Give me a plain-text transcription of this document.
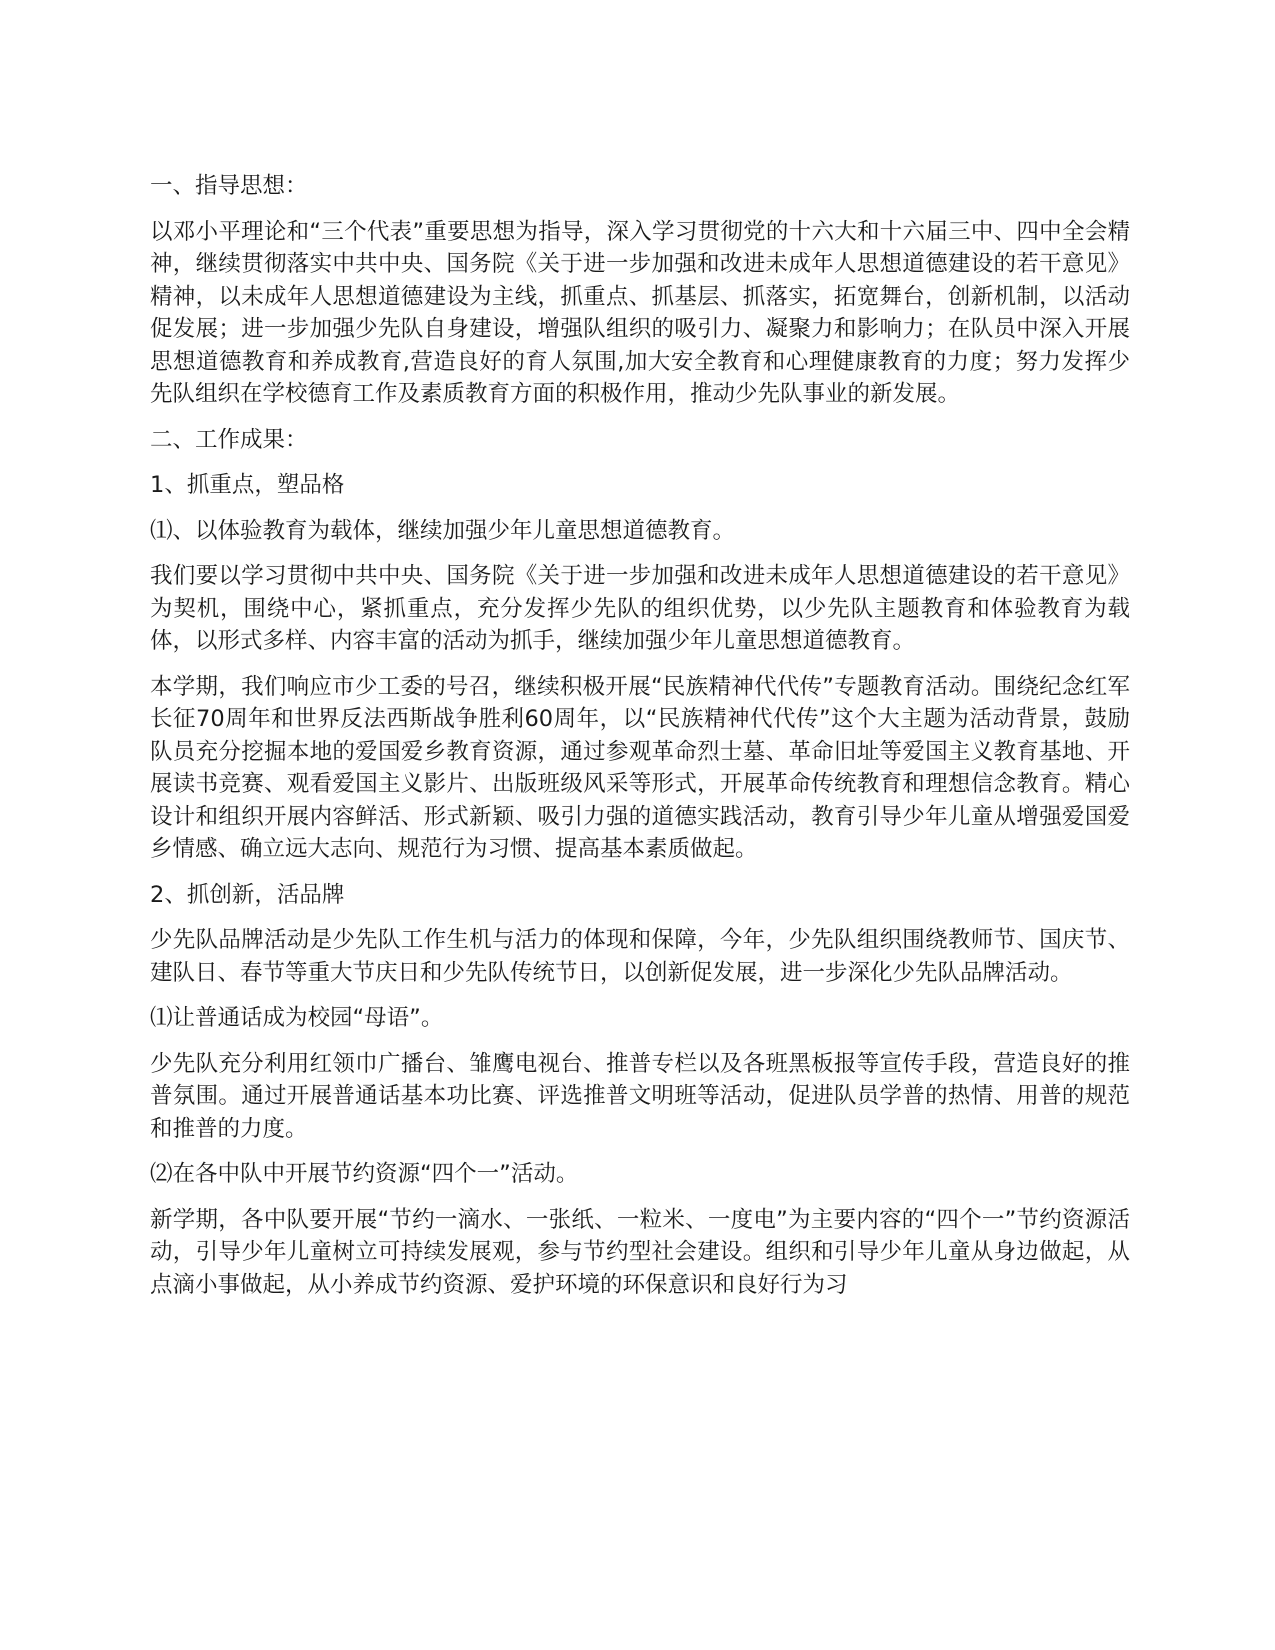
一、指导思想：

以邓小平理论和“三个代表”重要思想为指导，深入学习贯彻党的十六大和十六届三中、四中全会精神，继续贯彻落实中共中央、国务院《关于进一步加强和改进未成年人思想道德建设的若干意见》精神，以未成年人思想道德建设为主线，抓重点、抓基层、抓落实，拓宽舞台，创新机制，以活动促发展；进一步加强少先队自身建设，增强队组织的吸引力、凝聚力和影响力；在队员中深入开展思想道德教育和养成教育,营造良好的育人氛围,加大安全教育和心理健康教育的力度；努力发挥少先队组织在学校德育工作及素质教育方面的积极作用，推动少先队事业的新发展。

二、工作成果：

1、抓重点，塑品格

⑴、以体验教育为载体，继续加强少年儿童思想道德教育。

我们要以学习贯彻中共中央、国务院《关于进一步加强和改进未成年人思想道德建设的若干意见》为契机，围绕中心，紧抓重点，充分发挥少先队的组织优势，以少先队主题教育和体验教育为载体，以形式多样、内容丰富的活动为抓手，继续加强少年儿童思想道德教育。

本学期，我们响应市少工委的号召，继续积极开展“民族精神代代传”专题教育活动。围绕纪念红军长征70周年和世界反法西斯战争胜利60周年，以“民族精神代代传”这个大主题为活动背景，鼓励队员充分挖掘本地的爱国爱乡教育资源，通过参观革命烈士墓、革命旧址等爱国主义教育基地、开展读书竞赛、观看爱国主义影片、出版班级风采等形式，开展革命传统教育和理想信念教育。精心设计和组织开展内容鲜活、形式新颖、吸引力强的道德实践活动，教育引导少年儿童从增强爱国爱乡情感、确立远大志向、规范行为习惯、提高基本素质做起。

2、抓创新，活品牌

少先队品牌活动是少先队工作生机与活力的体现和保障，今年，少先队组织围绕教师节、国庆节、建队日、春节等重大节庆日和少先队传统节日，以创新促发展，进一步深化少先队品牌活动。

⑴让普通话成为校园“母语”。

少先队充分利用红领巾广播台、雏鹰电视台、推普专栏以及各班黑板报等宣传手段，营造良好的推普氛围。通过开展普通话基本功比赛、评选推普文明班等活动，促进队员学普的热情、用普的规范和推普的力度。

⑵在各中队中开展节约资源“四个一”活动。

新学期，各中队要开展“节约一滴水、一张纸、一粒米、一度电”为主要内容的“四个一”节约资源活动，引导少年儿童树立可持续发展观，参与节约型社会建设。组织和引导少年儿童从身边做起，从点滴小事做起，从小养成节约资源、爱护环境的环保意识和良好行为习
